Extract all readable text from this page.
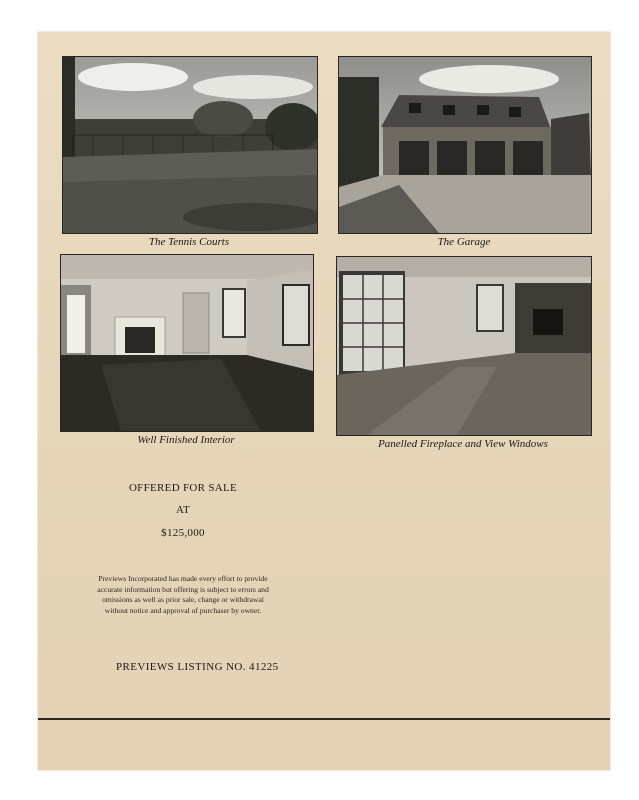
The Tennis Courts	The Garage
Well Finished Interior	Panelled Fireplace and View Windows
OFFERED FOR SALE
AT
$125,000
Previews Incorporated has made every effort to provide accurate information but offering is subject to errors and omissions as well as prior sale, change or withdrawal without notice and approval of purchaser by owner.
PREVIEWS LISTING NO. 41225
